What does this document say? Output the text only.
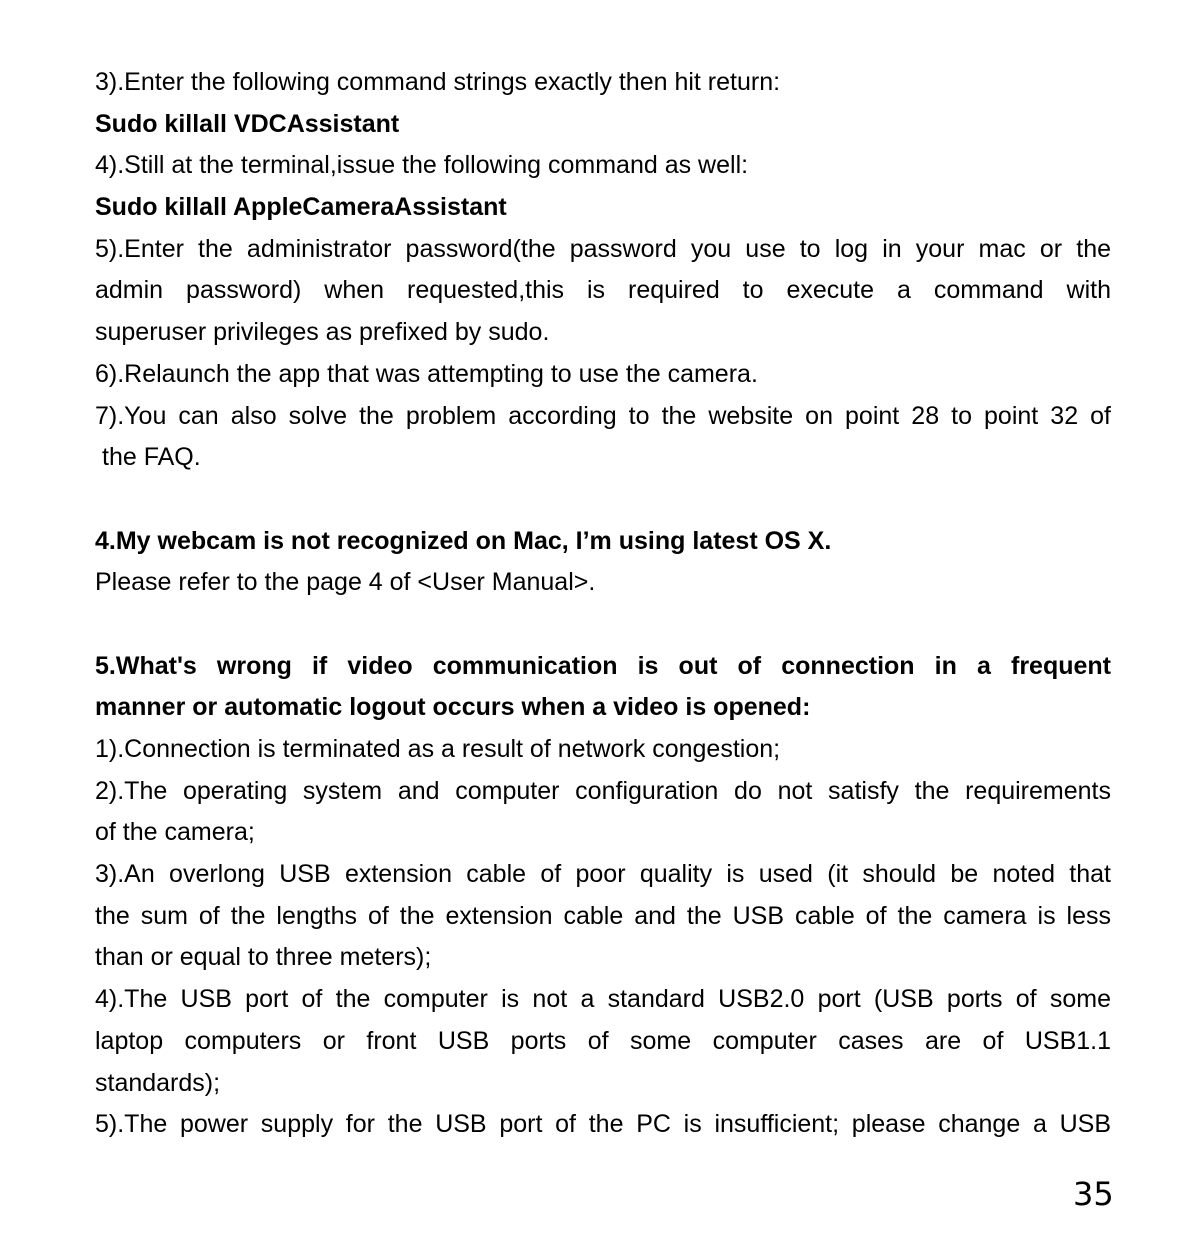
3).Enter the following command strings exactly then hit return:
Sudo killall VDCAssistant
4).Still at the terminal,issue the following command as well:
Sudo killall AppleCameraAssistant
5).Enter the administrator password(the password you use to log in your mac or the
admin password) when requested,this is required to execute a command with
superuser privileges as prefixed by sudo.
6).Relaunch the app that was attempting to use the camera.
7).You can also solve the problem according to the website on point 28 to point 32 of
the FAQ.
4.My webcam is not recognized on Mac, I’m using latest OS X.
Please refer to the page 4 of <User Manual>.
5.What's wrong if video communication is out of connection in a frequent
manner or automatic logout occurs when a video is opened:
1).Connection is terminated as a result of network congestion;
2).The operating system and computer configuration do not satisfy the requirements
of the camera;
3).An overlong USB extension cable of poor quality is used (it should be noted that
the sum of the lengths of the extension cable and the USB cable of the camera is less
than or equal to three meters);
4).The USB port of the computer is not a standard USB2.0 port (USB ports of some
laptop computers or front USB ports of some computer cases are of USB1.1
standards);
5).The power supply for the USB port of the PC is insufficient; please change a USB
35
